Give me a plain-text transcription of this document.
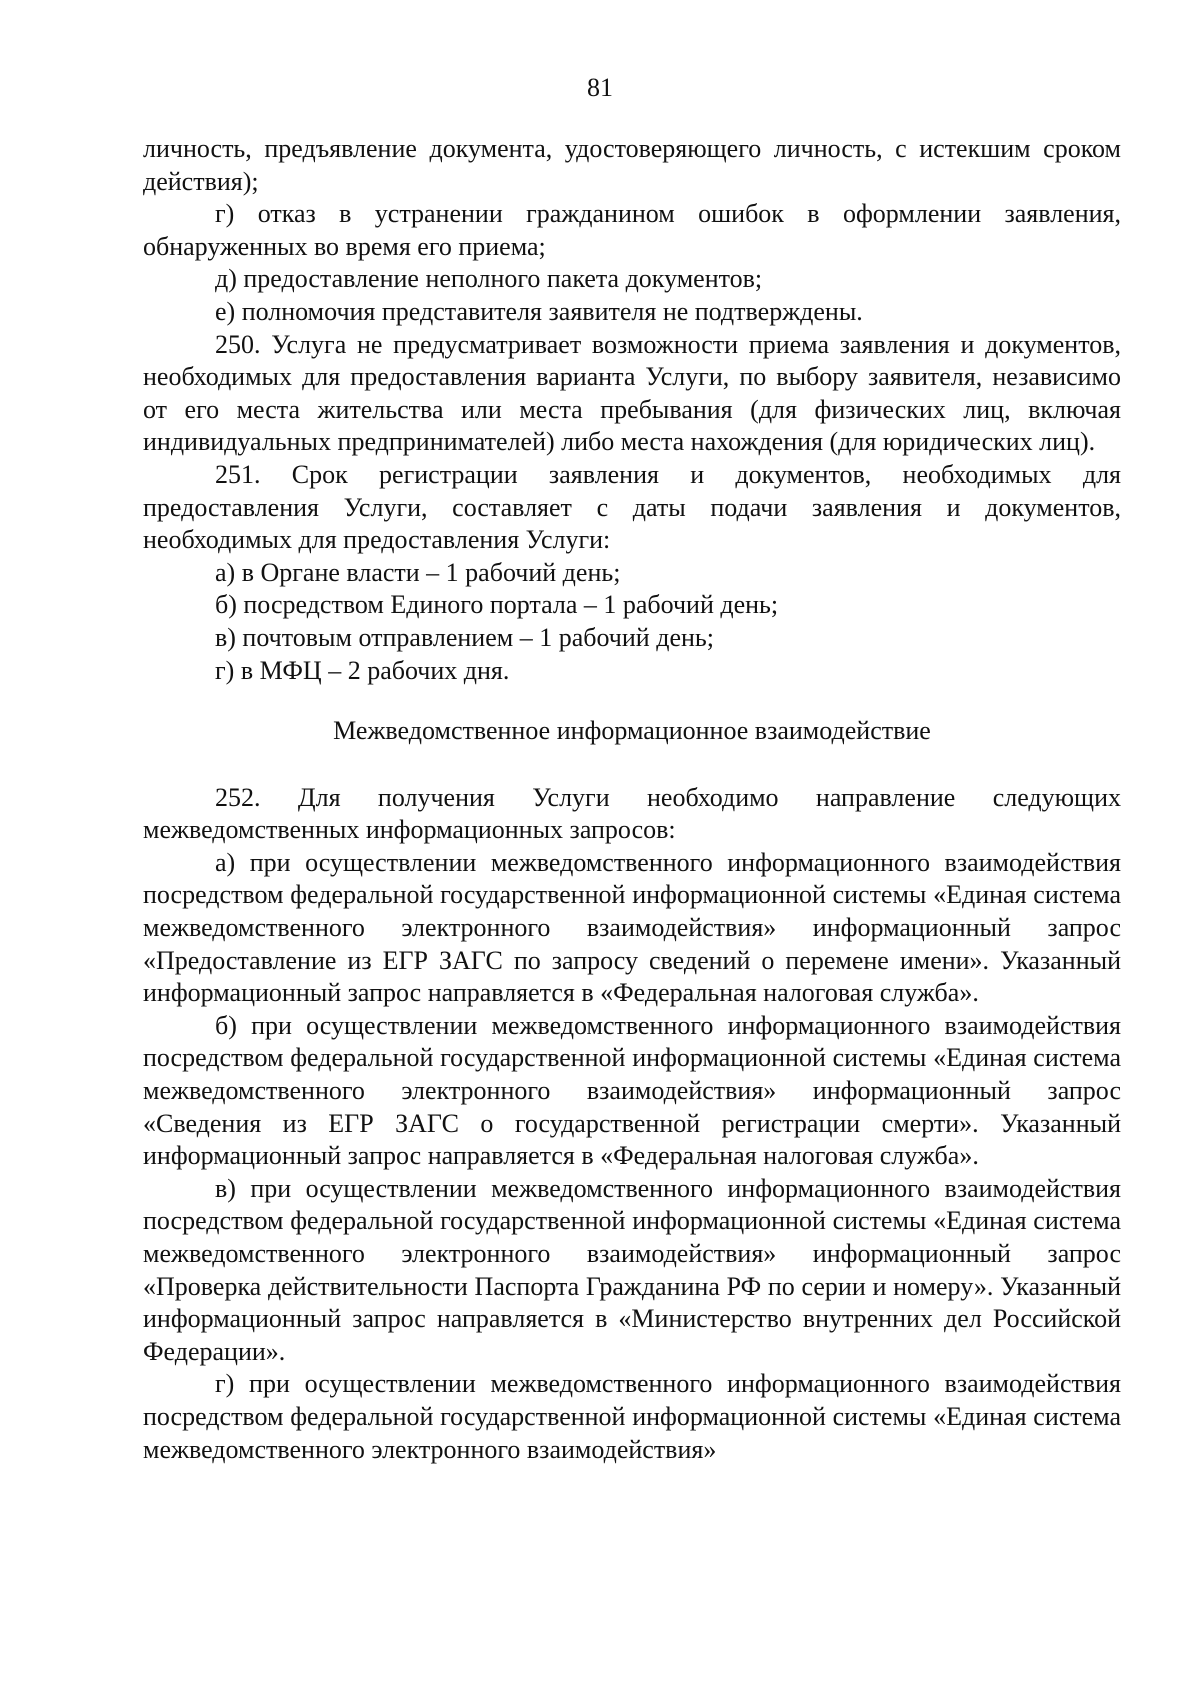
81

личность, предъявление документа, удостоверяющего личность, с истекшим сроком действия);

г) отказ в устранении гражданином ошибок в оформлении заявления, обнаруженных во время его приема;

д) предоставление неполного пакета документов;

е) полномочия представителя заявителя не подтверждены.

250. Услуга не предусматривает возможности приема заявления и документов, необходимых для предоставления варианта Услуги, по выбору заявителя, независимо от его места жительства или места пребывания (для физических лиц, включая индивидуальных предпринимателей) либо места нахождения (для юридических лиц).

251. Срок регистрации заявления и документов, необходимых для предоставления Услуги, составляет с даты подачи заявления и документов, необходимых для предоставления Услуги:

а) в Органе власти – 1 рабочий день;

б) посредством Единого портала – 1 рабочий день;

в) почтовым отправлением – 1 рабочий день;

г) в МФЦ – 2 рабочих дня.

Межведомственное информационное взаимодействие

252. Для получения Услуги необходимо направление следующих межведомственных информационных запросов:

а) при осуществлении межведомственного информационного взаимодействия посредством федеральной государственной информационной системы «Единая система межведомственного электронного взаимодействия» информационный запрос «Предоставление из ЕГР ЗАГС по запросу сведений о перемене имени». Указанный информационный запрос направляется в «Федеральная налоговая служба».

б) при осуществлении межведомственного информационного взаимодействия посредством федеральной государственной информационной системы «Единая система межведомственного электронного взаимодействия» информационный запрос «Сведения из ЕГР ЗАГС о государственной регистрации смерти». Указанный информационный запрос направляется в «Федеральная налоговая служба».

в) при осуществлении межведомственного информационного взаимодействия посредством федеральной государственной информационной системы «Единая система межведомственного электронного взаимодействия» информационный запрос «Проверка действительности Паспорта Гражданина РФ по серии и номеру». Указанный информационный запрос направляется в «Министерство внутренних дел Российской Федерации».

г) при осуществлении межведомственного информационного взаимодействия посредством федеральной государственной информационной системы «Единая система межведомственного электронного взаимодействия»
